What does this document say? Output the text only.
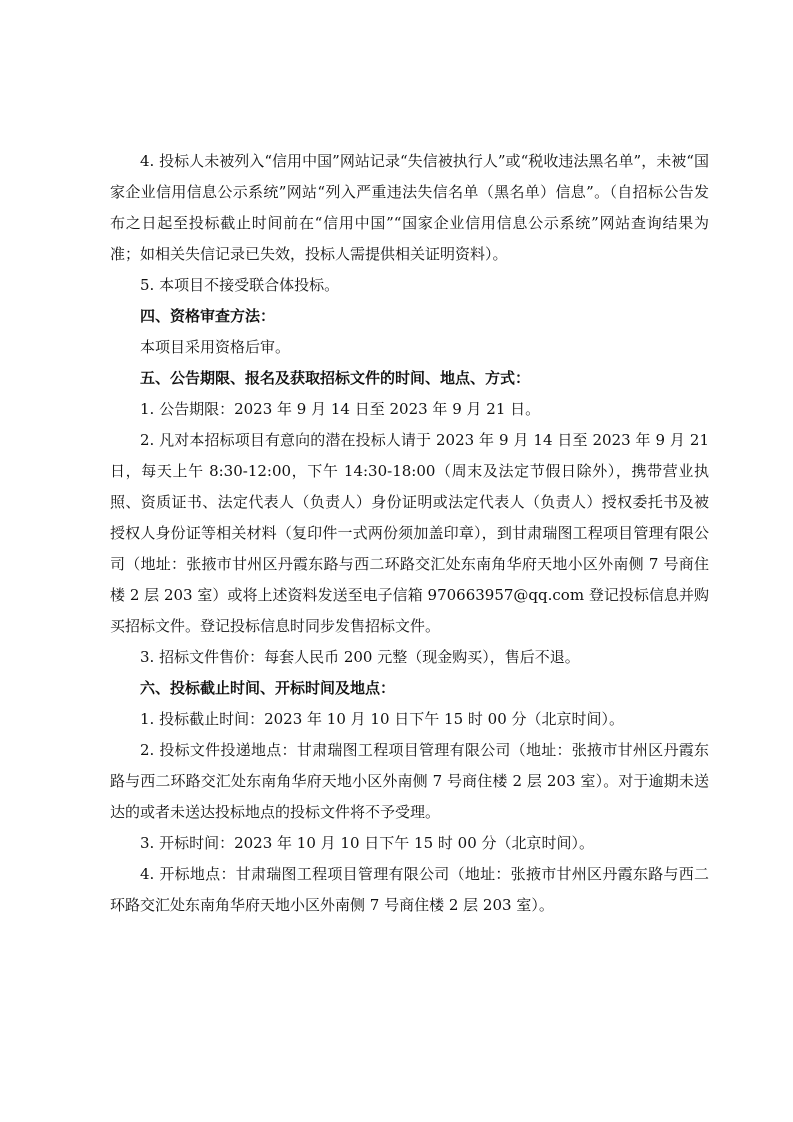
4. 投标人未被列入“信用中国”网站记录“失信被执行人”或“税收违法黑名单”，未被“国家企业信用信息公示系统”网站“列入严重违法失信名单（黑名单）信息”。（自招标公告发布之日起至投标截止时间前在“信用中国”“国家企业信用信息公示系统”网站查询结果为准；如相关失信记录已失效，投标人需提供相关证明资料）。

5. 本项目不接受联合体投标。

四、资格审查方法：

本项目采用资格后审。

五、公告期限、报名及获取招标文件的时间、地点、方式：

1. 公告期限：2023 年 9 月 14 日至 2023 年 9 月 21 日。

2. 凡对本招标项目有意向的潜在投标人请于 2023 年 9 月 14 日至 2023 年 9 月 21 日，每天上午 8:30-12:00，下午 14:30-18:00（周末及法定节假日除外），携带营业执照、资质证书、法定代表人（负责人）身份证明或法定代表人（负责人）授权委托书及被授权人身份证等相关材料（复印件一式两份须加盖印章），到甘肃瑞图工程项目管理有限公司（地址：张掖市甘州区丹霞东路与西二环路交汇处东南角华府天地小区外南侧 7 号商住楼 2 层 203 室）或将上述资料发送至电子信箱 970663957@qq.com 登记投标信息并购买招标文件。登记投标信息时同步发售招标文件。

3. 招标文件售价：每套人民币 200 元整（现金购买），售后不退。

六、投标截止时间、开标时间及地点：

1. 投标截止时间：2023 年 10 月 10 日下午 15 时 00 分（北京时间）。

2. 投标文件投递地点：甘肃瑞图工程项目管理有限公司（地址：张掖市甘州区丹霞东路与西二环路交汇处东南角华府天地小区外南侧 7 号商住楼 2 层 203 室）。对于逾期未送达的或者未送达投标地点的投标文件将不予受理。

3. 开标时间：2023 年 10 月 10 日下午 15 时 00 分（北京时间）。

4. 开标地点：甘肃瑞图工程项目管理有限公司（地址：张掖市甘州区丹霞东路与西二环路交汇处东南角华府天地小区外南侧 7 号商住楼 2 层 203 室）。
